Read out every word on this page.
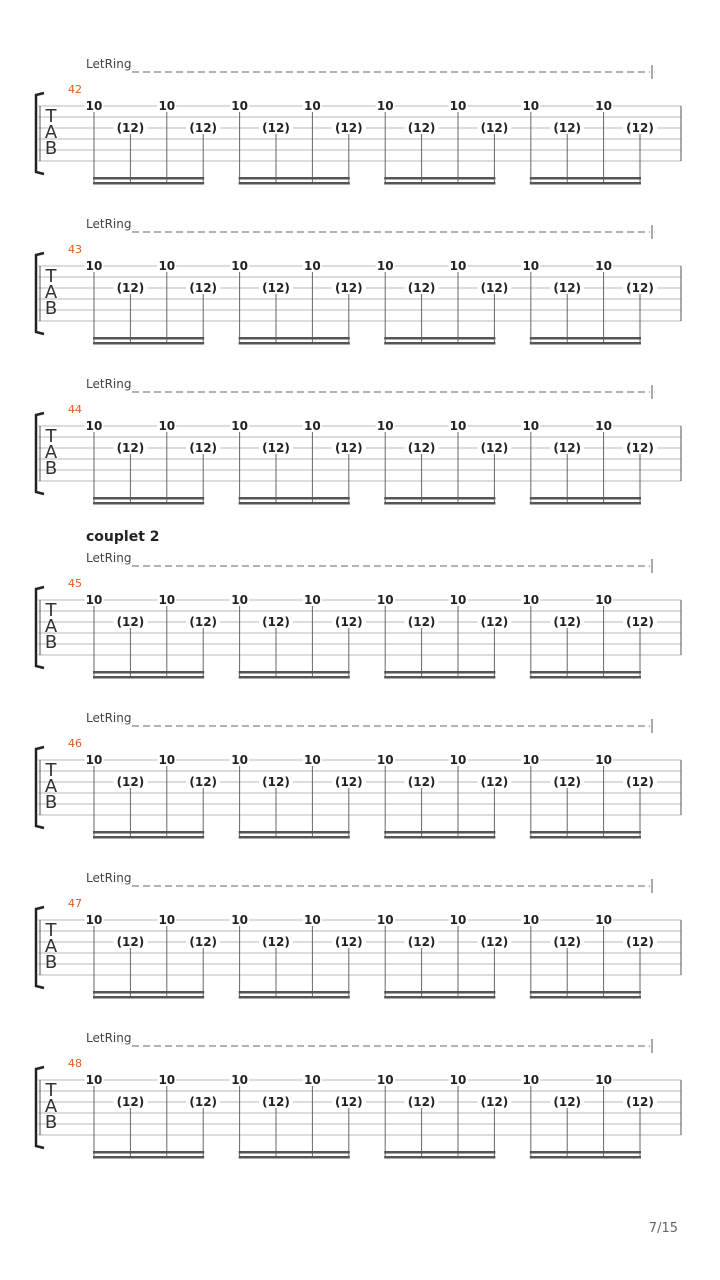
LetRing
42
T
A
B
10
(12)
10
(12)
10
(12)
10
(12)
10
(12)
10
(12)
10
(12)
10
(12)
LetRing
43
T
A
B
10
(12)
10
(12)
10
(12)
10
(12)
10
(12)
10
(12)
10
(12)
10
(12)
LetRing
44
T
A
B
10
(12)
10
(12)
10
(12)
10
(12)
10
(12)
10
(12)
10
(12)
10
(12)
couplet 2
LetRing
45
T
A
B
10
(12)
10
(12)
10
(12)
10
(12)
10
(12)
10
(12)
10
(12)
10
(12)
LetRing
46
T
A
B
10
(12)
10
(12)
10
(12)
10
(12)
10
(12)
10
(12)
10
(12)
10
(12)
LetRing
47
T
A
B
10
(12)
10
(12)
10
(12)
10
(12)
10
(12)
10
(12)
10
(12)
10
(12)
LetRing
48
T
A
B
10
(12)
10
(12)
10
(12)
10
(12)
10
(12)
10
(12)
10
(12)
10
(12)
7/15
